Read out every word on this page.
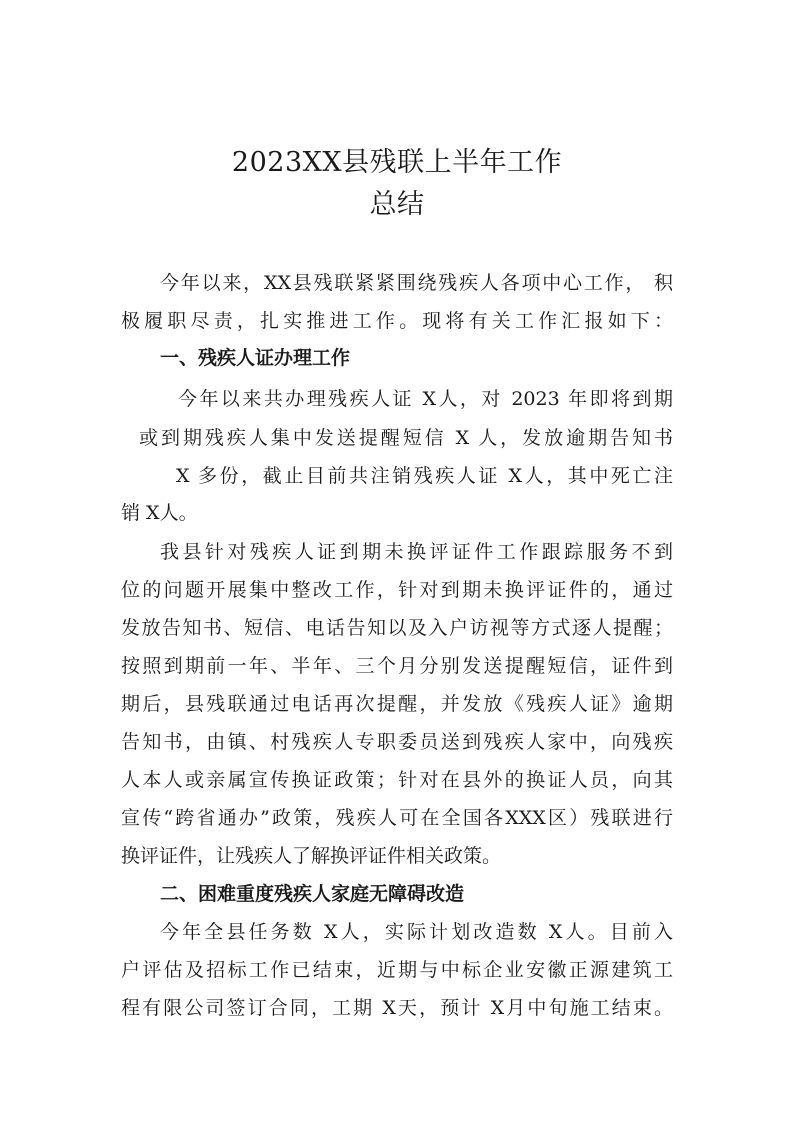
2023XX县残联上半年工作
总结
今年以来，XX县残联紧紧围绕残疾人各项中心工作， 积
极履职尽责，扎实推进工作。现将有关工作汇报如下：
一、残疾人证办理工作
今年以来共办理残疾人证 X人，对 2023 年即将到期
或到期残疾人集中发送提醒短信 X 人，发放逾期告知书
X 多份，截止目前共注销残疾人证 X人，其中死亡注
销 X人。
我县针对残疾人证到期未换评证件工作跟踪服务不到
位的问题开展集中整改工作，针对到期未换评证件的，通过
发放告知书、短信、电话告知以及入户访视等方式逐人提醒；
按照到期前一年、半年、三个月分别发送提醒短信，证件到
期后，县残联通过电话再次提醒，并发放《残疾人证》逾期
告知书，由镇、村残疾人专职委员送到残疾人家中，向残疾
人本人或亲属宣传换证政策；针对在县外的换证人员，向其
宣传“跨省通办”政策，残疾人可在全国各XXX区）残联进行
换评证件，让残疾人了解换评证件相关政策。
二、困难重度残疾人家庭无障碍改造
今年全县任务数 X人，实际计划改造数 X人。目前入
户评估及招标工作已结束，近期与中标企业安徽正源建筑工
程有限公司签订合同，工期 X天，预计 X月中旬施工结束。
